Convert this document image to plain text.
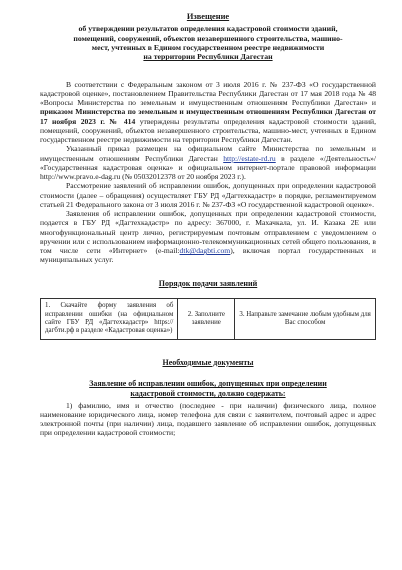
Извещение
об утверждении результатов определения кадастровой стоимости зданий,
помещений, сооружений, объектов незавершенного строительства, машино-
мест, учтенных в Едином государственном реестре недвижимости
на территории Республики Дагестан

В соответствии с Федеральным законом от 3 июля 2016 г. № 237-ФЗ «О государственной кадастровой оценке», постановлением Правительства Республики Дагестан от 17 мая 2018 года № 48 «Вопросы Министерства по земельным и имущественным отношениям Республики Дагестан» и приказом Министерства по земельным и имущественным отношениям Республики Дагестан от 17 ноября 2023 г. № 414 утверждены результаты определения кадастровой стоимости зданий, помещений, сооружений, объектов незавершенного строительства, машино-мест, учтенных в Едином государственном реестре недвижимости на территории Республики Дагестан.

Указанный приказ размещен на официальном сайте Министерства по земельным и имущественным отношениям Республики Дагестан http://estate-rd.ru в разделе «/Деятельность»/ «Государственная кадастровая оценка» и официальном интернет-портале правовой информации http://www.pravo.e-dag.ru (№ 05032012378 от 20 ноября 2023 г.).

Рассмотрение заявлений об исправлении ошибок, допущенных при определении кадастровой стоимости (далее – обращения) осуществляет ГБУ РД «Дагтехкадастр» в порядке, регламентируемом статьей 21 Федерального закона от 3 июля 2016 г. № 237-ФЗ «О государственной кадастровой оценке».

Заявления об исправлении ошибок, допущенных при определении кадастровой стоимости, подается в ГБУ РД «Дагтехкадастр» по адресу: 367000, г. Махачкала, ул. И. Казака 2Е или многофункциональный центр лично, регистрируемым почтовым отправлением с уведомлением о вручении или с использованием информационно-телекоммуникационных сетей общего пользования, в том числе сети «Интернет» (e-mail:dtk@dagbti.com), включая портал государственных и муниципальных услуг.

Порядок подачи заявлений
1. Скачайте форму заявления об исправлении ошибки (на официальном сайте ГБУ РД «Дагтехкадастр» https://дагбти.рф в разделе «Кадастровая оценка»)	2. Заполните заявление	3. Направьте замечание любым удобным для Вас способом
Необходимые документы
Заявление об исправлении ошибок, допущенных при определении
кадастровой стоимости, должно содержать:

1) фамилию, имя и отчество (последнее - при наличии) физического лица, полное наименование юридического лица, номер телефона для связи с заявителем, почтовый адрес и адрес электронной почты (при наличии) лица, подавшего заявление об исправлении ошибок, допущенных при определении кадастровой стоимости;
